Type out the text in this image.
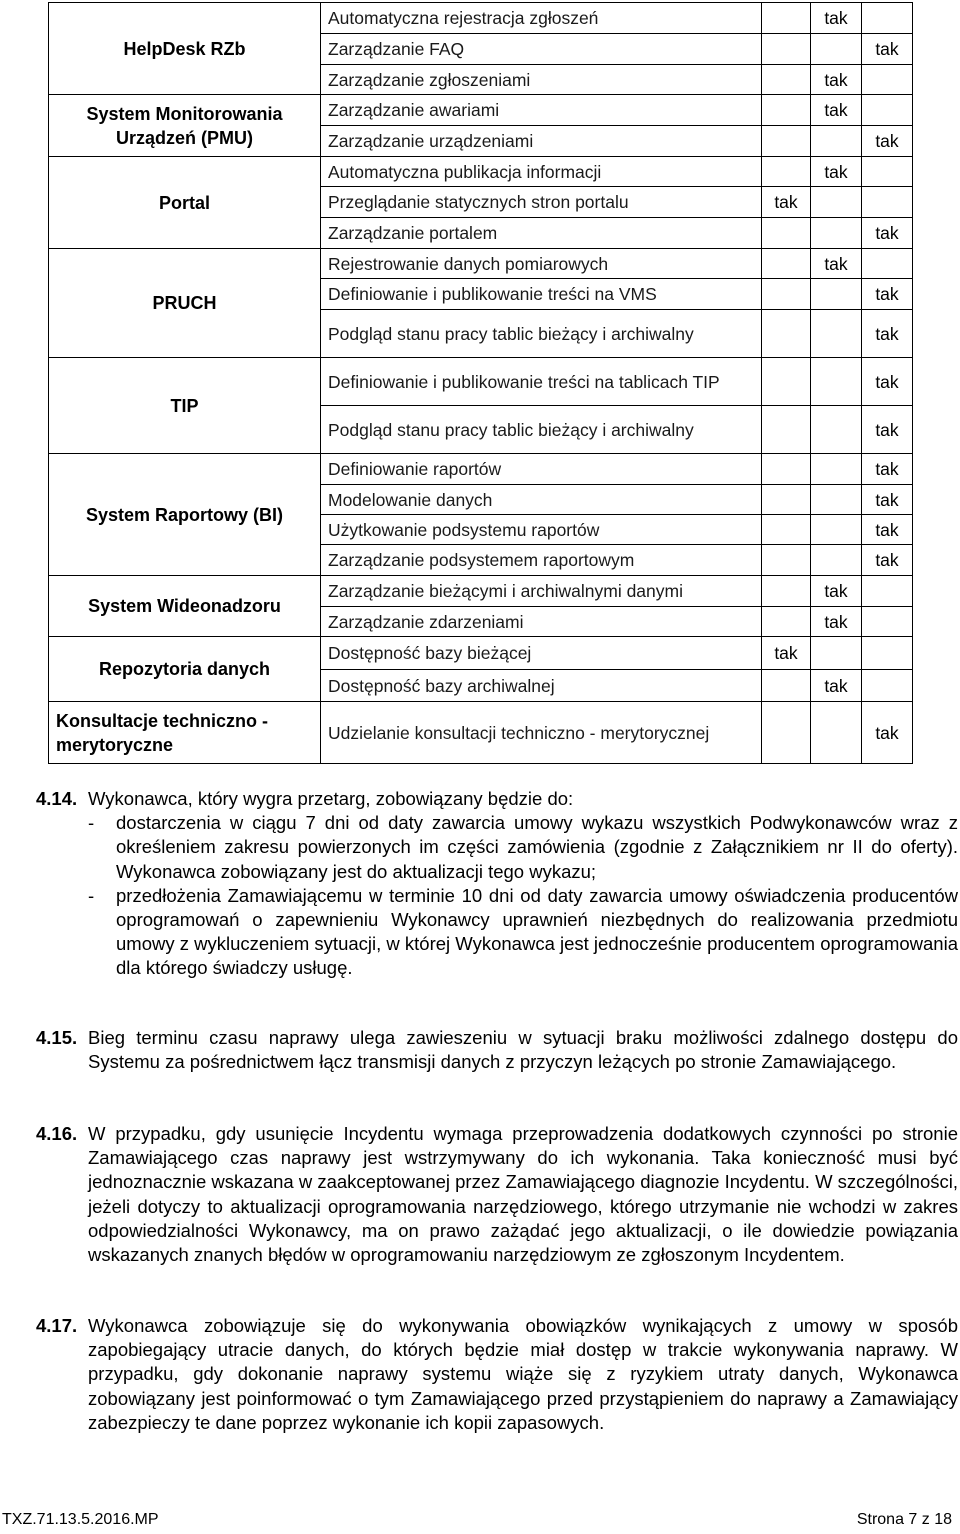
HelpDesk RZb	Automatyczna rejestracja zgłoszeń		tak	
	Zarządzanie FAQ			tak
	Zarządzanie zgłoszeniami		tak	
System Monitorowania Urządzeń (PMU)	Zarządzanie awariami		tak	
	Zarządzanie urządzeniami			tak
Portal	Automatyczna publikacja informacji		tak	
	Przeglądanie statycznych stron portalu	tak		
	Zarządzanie portalem			tak
PRUCH	Rejestrowanie danych pomiarowych		tak	
	Definiowanie i publikowanie treści na VMS			tak
	Podgląd stanu pracy tablic bieżący i archiwalny			tak
TIP	Definiowanie i publikowanie treści na tablicach TIP			tak
	Podgląd stanu pracy tablic bieżący i archiwalny			tak
System Raportowy (BI)	Definiowanie raportów			tak
	Modelowanie danych			tak
	Użytkowanie podsystemu raportów			tak
	Zarządzanie podsystemem raportowym			tak
System Wideonadzoru	Zarządzanie bieżącymi i archiwalnymi danymi		tak	
	Zarządzanie zdarzeniami		tak	
Repozytoria danych	Dostępność bazy bieżącej	tak		
	Dostępność bazy archiwalnej		tak	
Konsultacje techniczno - merytoryczne	Udzielanie konsultacji techniczno - merytorycznej			tak
4.14. Wykonawca, który wygra przetarg, zobowiązany będzie do:
- dostarczenia w ciągu 7 dni od daty zawarcia umowy wykazu wszystkich Podwykonawców wraz z określeniem zakresu powierzonych im części zamówienia (zgodnie z Załącznikiem nr II do oferty). Wykonawca zobowiązany jest do aktualizacji tego wykazu;
- przedłożenia Zamawiającemu w terminie 10 dni od daty zawarcia umowy oświadczenia producentów oprogramowań o zapewnieniu Wykonawcy uprawnień niezbędnych do realizowania przedmiotu umowy z wykluczeniem sytuacji, w której Wykonawca jest jednocześnie producentem oprogramowania dla którego świadczy usługę.
4.15. Bieg terminu czasu naprawy ulega zawieszeniu w sytuacji braku możliwości zdalnego dostępu do Systemu za pośrednictwem łącz transmisji danych z przyczyn leżących po stronie Zamawiającego.
4.16. W przypadku, gdy usunięcie Incydentu wymaga przeprowadzenia dodatkowych czynności po stronie Zamawiającego czas naprawy jest wstrzymywany do ich wykonania. Taka konieczność musi być jednoznacznie wskazana w zaakceptowanej przez Zamawiającego diagnozie Incydentu. W szczególności, jeżeli dotyczy to aktualizacji oprogramowania narzędziowego, którego utrzymanie nie wchodzi w zakres odpowiedzialności Wykonawcy, ma on prawo zażądać jego aktualizacji, o ile dowiedzie powiązania wskazanych znanych błędów w oprogramowaniu narzędziowym ze zgłoszonym Incydentem.
4.17. Wykonawca zobowiązuje się do wykonywania obowiązków wynikających z umowy w sposób zapobiegający utracie danych, do których będzie miał dostęp w trakcie wykonywania naprawy. W przypadku, gdy dokonanie naprawy systemu wiąże się z ryzykiem utraty danych, Wykonawca zobowiązany jest poinformować o tym Zamawiającego przed przystąpieniem do naprawy a Zamawiający zabezpieczy te dane poprzez wykonanie ich kopii zapasowych.
TXZ.71.13.5.2016.MP	Strona 7 z 18
